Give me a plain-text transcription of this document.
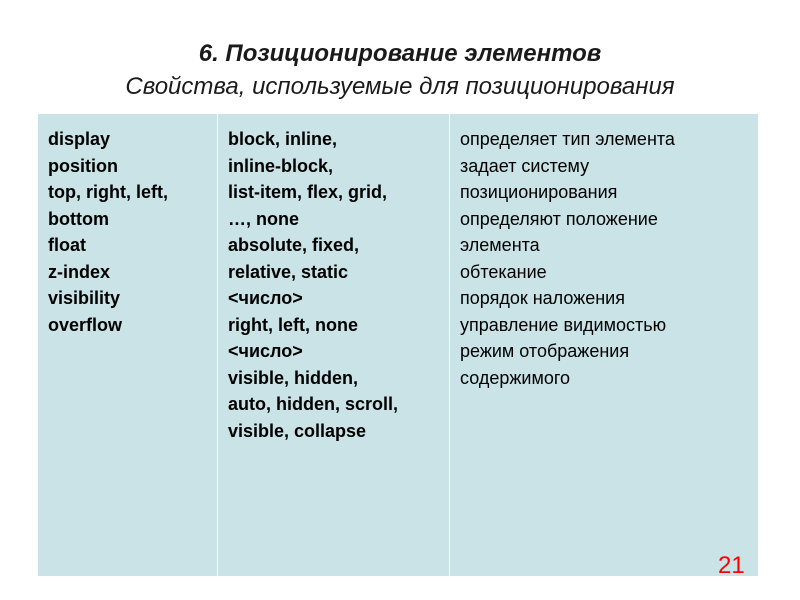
6. Позиционирование элементов
Свойства, используемые для позиционирования
display
position
top, right, left,
bottom
float
z-index
visibility
overflow
block, inline,
inline-block,
list-item, flex, grid,
…, none
absolute, fixed,
relative, static
<число>
right, left, none
<число>
visible, hidden,
auto, hidden, scroll,
visible, collapse
определяет тип элемента
задает систему
позиционирования
определяют положение
элемента
обтекание
порядок наложения
управление видимостью
режим отображения
содержимого
21
